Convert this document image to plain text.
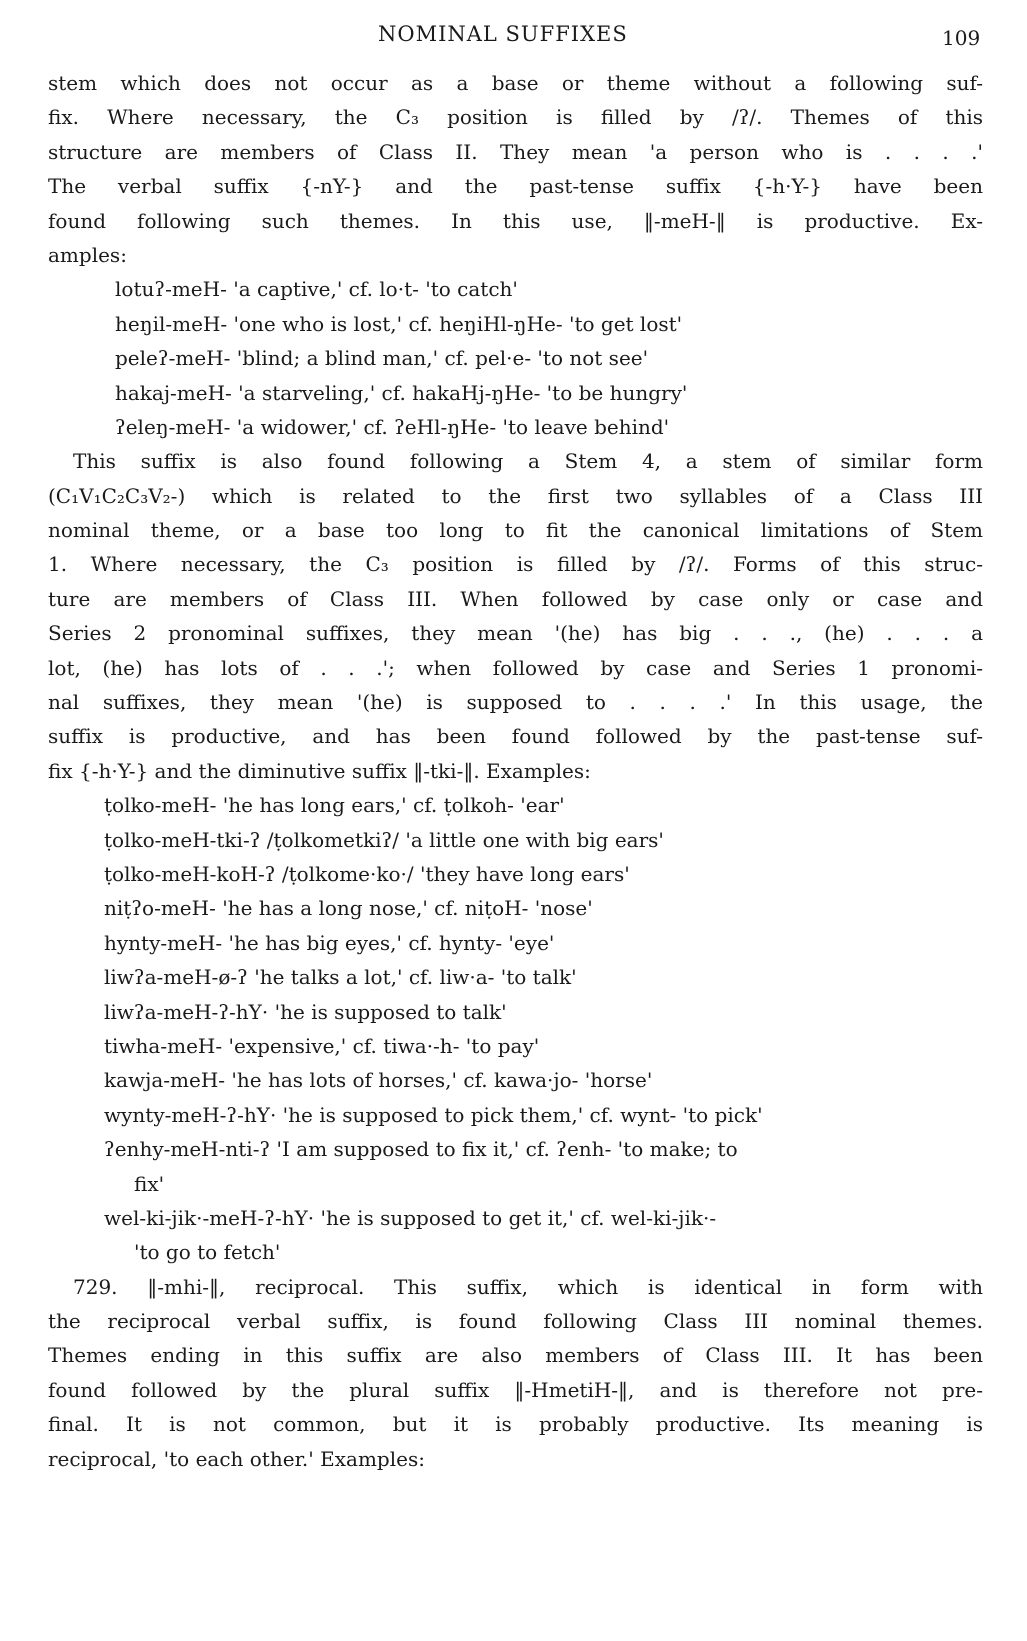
NOMINAL SUFFIXES	109
stem which does not occur as a base or theme without a following suf-
fix. Where necessary, the C₃ position is filled by /ʔ/. Themes of this
structure are members of Class II. They mean 'a person who is . . . .'
The verbal suffix {-nY-} and the past-tense suffix {-h·Y-} have been
found following such themes. In this use, ‖-meH-‖ is productive. Ex-
amples:
lotuʔ-meH- 'a captive,' cf. lo·t- 'to catch'
heŋil-meH- 'one who is lost,' cf. heŋiHl-ŋHe- 'to get lost'
peleʔ-meH- 'blind; a blind man,' cf. pel·e- 'to not see'
hakaj-meH- 'a starveling,' cf. hakaHj-ŋHe- 'to be hungry'
ʔeleŋ-meH- 'a widower,' cf. ʔeHl-ŋHe- 'to leave behind'
This suffix is also found following a Stem 4, a stem of similar form
(C₁V₁C₂C₃V₂-) which is related to the first two syllables of a Class III
nominal theme, or a base too long to fit the canonical limitations of Stem
1. Where necessary, the C₃ position is filled by /ʔ/. Forms of this struc-
ture are members of Class III. When followed by case only or case and
Series 2 pronominal suffixes, they mean '(he) has big . . ., (he) . . . a
lot, (he) has lots of . . .'; when followed by case and Series 1 pronomi-
nal suffixes, they mean '(he) is supposed to . . . .' In this usage, the
suffix is productive, and has been found followed by the past-tense suf-
fix {-h·Y-} and the diminutive suffix ‖-tki-‖. Examples:
ṭolko-meH- 'he has long ears,' cf. ṭolkoh- 'ear'
ṭolko-meH-tki-ʔ /ṭolkometkiʔ/ 'a little one with big ears'
ṭolko-meH-koH-ʔ /ṭolkome·ko·/ 'they have long ears'
niṭʔo-meH- 'he has a long nose,' cf. niṭoH- 'nose'
hynty-meH- 'he has big eyes,' cf. hynty- 'eye'
liwʔa-meH-ø-ʔ 'he talks a lot,' cf. liw·a- 'to talk'
liwʔa-meH-ʔ-hY· 'he is supposed to talk'
tiwha-meH- 'expensive,' cf. tiwa·-h- 'to pay'
kawja-meH- 'he has lots of horses,' cf. kawa·jo- 'horse'
wynty-meH-ʔ-hY· 'he is supposed to pick them,' cf. wynt- 'to pick'
ʔenhy-meH-nti-ʔ 'I am supposed to fix it,' cf. ʔenh- 'to make; to
fix'
wel-ki-jik·-meH-ʔ-hY· 'he is supposed to get it,' cf. wel-ki-jik·-
'to go to fetch'
729. ‖-mhi-‖, reciprocal. This suffix, which is identical in form with
the reciprocal verbal suffix, is found following Class III nominal themes.
Themes ending in this suffix are also members of Class III. It has been
found followed by the plural suffix ‖-HmetiH-‖, and is therefore not pre-
final. It is not common, but it is probably productive. Its meaning is
reciprocal, 'to each other.' Examples:
